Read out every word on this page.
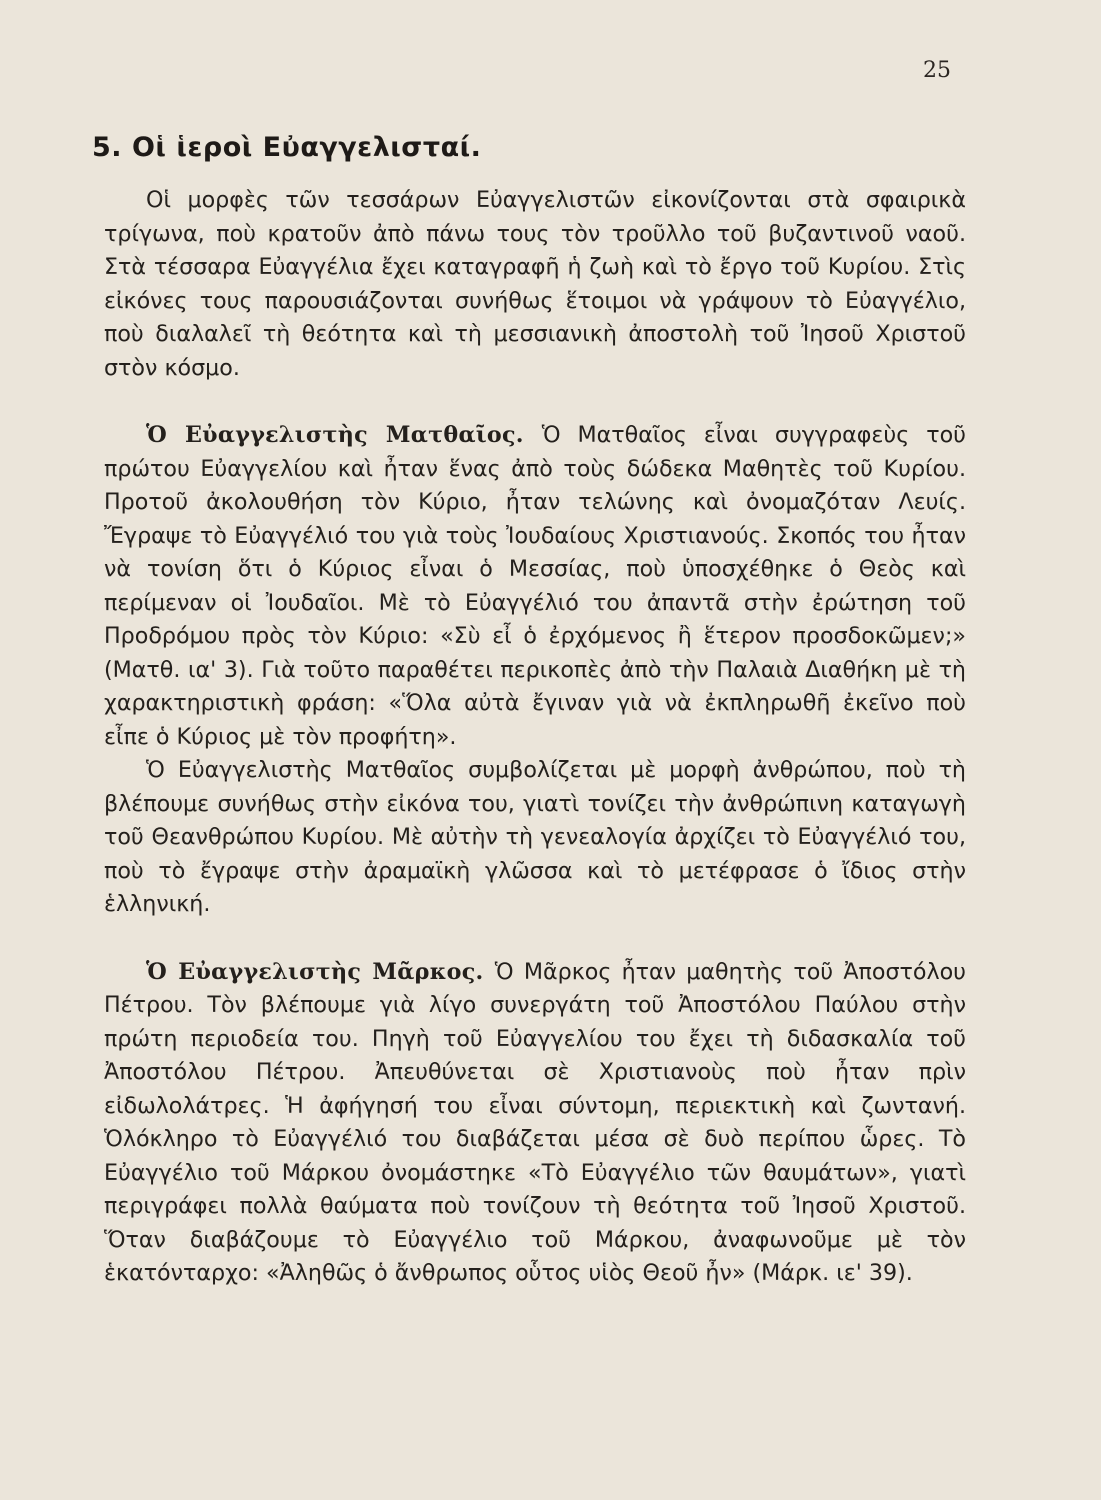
25
5. Οἱ ἱεροὶ Εὐαγγελισταί.

Οἱ μορφὲς τῶν τεσσάρων Εὐαγγελιστῶν εἰκονίζονται στὰ σφαιρικὰ τρίγωνα, ποὺ κρατοῦν ἀπὸ πάνω τους τὸν τροῦλλο τοῦ βυζαντινοῦ ναοῦ. Στὰ τέσσαρα Εὐαγγέλια ἔχει καταγραφῆ ἡ ζωὴ καὶ τὸ ἔργο τοῦ Κυρίου. Στὶς εἰκόνες τους παρουσιάζονται συνήθως ἕτοιμοι νὰ γράψουν τὸ Εὐαγγέλιο, ποὺ διαλαλεῖ τὴ θεότητα καὶ τὴ μεσσιανικὴ ἀποστολὴ τοῦ Ἰησοῦ Χριστοῦ στὸν κόσμο.

Ὁ Εὐαγγελιστὴς Ματθαῖος. Ὁ Ματθαῖος εἶναι συγγραφεὺς τοῦ πρώτου Εὐαγγελίου καὶ ἦταν ἕνας ἀπὸ τοὺς δώδεκα Μαθητὲς τοῦ Κυρίου. Προτοῦ ἀκολουθήση τὸν Κύριο, ἦταν τελώνης καὶ ὀνομαζόταν Λευίς. Ἔγραψε τὸ Εὐαγγέλιό του γιὰ τοὺς Ἰουδαίους Χριστιανούς. Σκοπός του ἦταν νὰ τονίση ὅτι ὁ Κύριος εἶναι ὁ Μεσσίας, ποὺ ὑποσχέθηκε ὁ Θεὸς καὶ περίμεναν οἱ Ἰουδαῖοι. Μὲ τὸ Εὐαγγέλιό του ἀπαντᾶ στὴν ἐρώτηση τοῦ Προδρόμου πρὸς τὸν Κύριο: «Σὺ εἶ ὁ ἐρχόμενος ἢ ἕτερον προσδοκῶμεν;» (Ματθ. ια' 3). Γιὰ τοῦτο παραθέτει περικοπὲς ἀπὸ τὴν Παλαιὰ Διαθήκη μὲ τὴ χαρακτηριστικὴ φράση: «Ὅλα αὐτὰ ἔγιναν γιὰ νὰ ἐκπληρωθῆ ἐκεῖνο ποὺ εἶπε ὁ Κύριος μὲ τὸν προφήτη».

Ὁ Εὐαγγελιστὴς Ματθαῖος συμβολίζεται μὲ μορφὴ ἀνθρώπου, ποὺ τὴ βλέπουμε συνήθως στὴν εἰκόνα του, γιατὶ τονίζει τὴν ἀνθρώπινη καταγωγὴ τοῦ Θεανθρώπου Κυρίου. Μὲ αὐτὴν τὴ γενεαλογία ἀρχίζει τὸ Εὐαγγέλιό του, ποὺ τὸ ἔγραψε στὴν ἀραμαϊκὴ γλῶσσα καὶ τὸ μετέφρασε ὁ ἴδιος στὴν ἑλληνική.

Ὁ Εὐαγγελιστὴς Μᾶρκος. Ὁ Μᾶρκος ἦταν μαθητὴς τοῦ Ἀποστόλου Πέτρου. Τὸν βλέπουμε γιὰ λίγο συνεργάτη τοῦ Ἀποστόλου Παύλου στὴν πρώτη περιοδεία του. Πηγὴ τοῦ Εὐαγγελίου του ἔχει τὴ διδασκαλία τοῦ Ἀποστόλου Πέτρου. Ἀπευθύνεται σὲ Χριστιανοὺς ποὺ ἦταν πρὶν εἰδωλολάτρες. Ἡ ἀφήγησή του εἶναι σύντομη, περιεκτικὴ καὶ ζωντανή. Ὁλόκληρο τὸ Εὐαγγέλιό του διαβάζεται μέσα σὲ δυὸ περίπου ὧρες. Τὸ Εὐαγγέλιο τοῦ Μάρκου ὀνομάστηκε «Τὸ Εὐαγγέλιο τῶν θαυμάτων», γιατὶ περιγράφει πολλὰ θαύματα ποὺ τονίζουν τὴ θεότητα τοῦ Ἰησοῦ Χριστοῦ. Ὅταν διαβάζουμε τὸ Εὐαγγέλιο τοῦ Μάρκου, ἀναφωνοῦμε μὲ τὸν ἑκατόνταρχο: «Ἀληθῶς ὁ ἄνθρωπος οὗτος υἱὸς Θεοῦ ἦν» (Μάρκ. ιε' 39).
